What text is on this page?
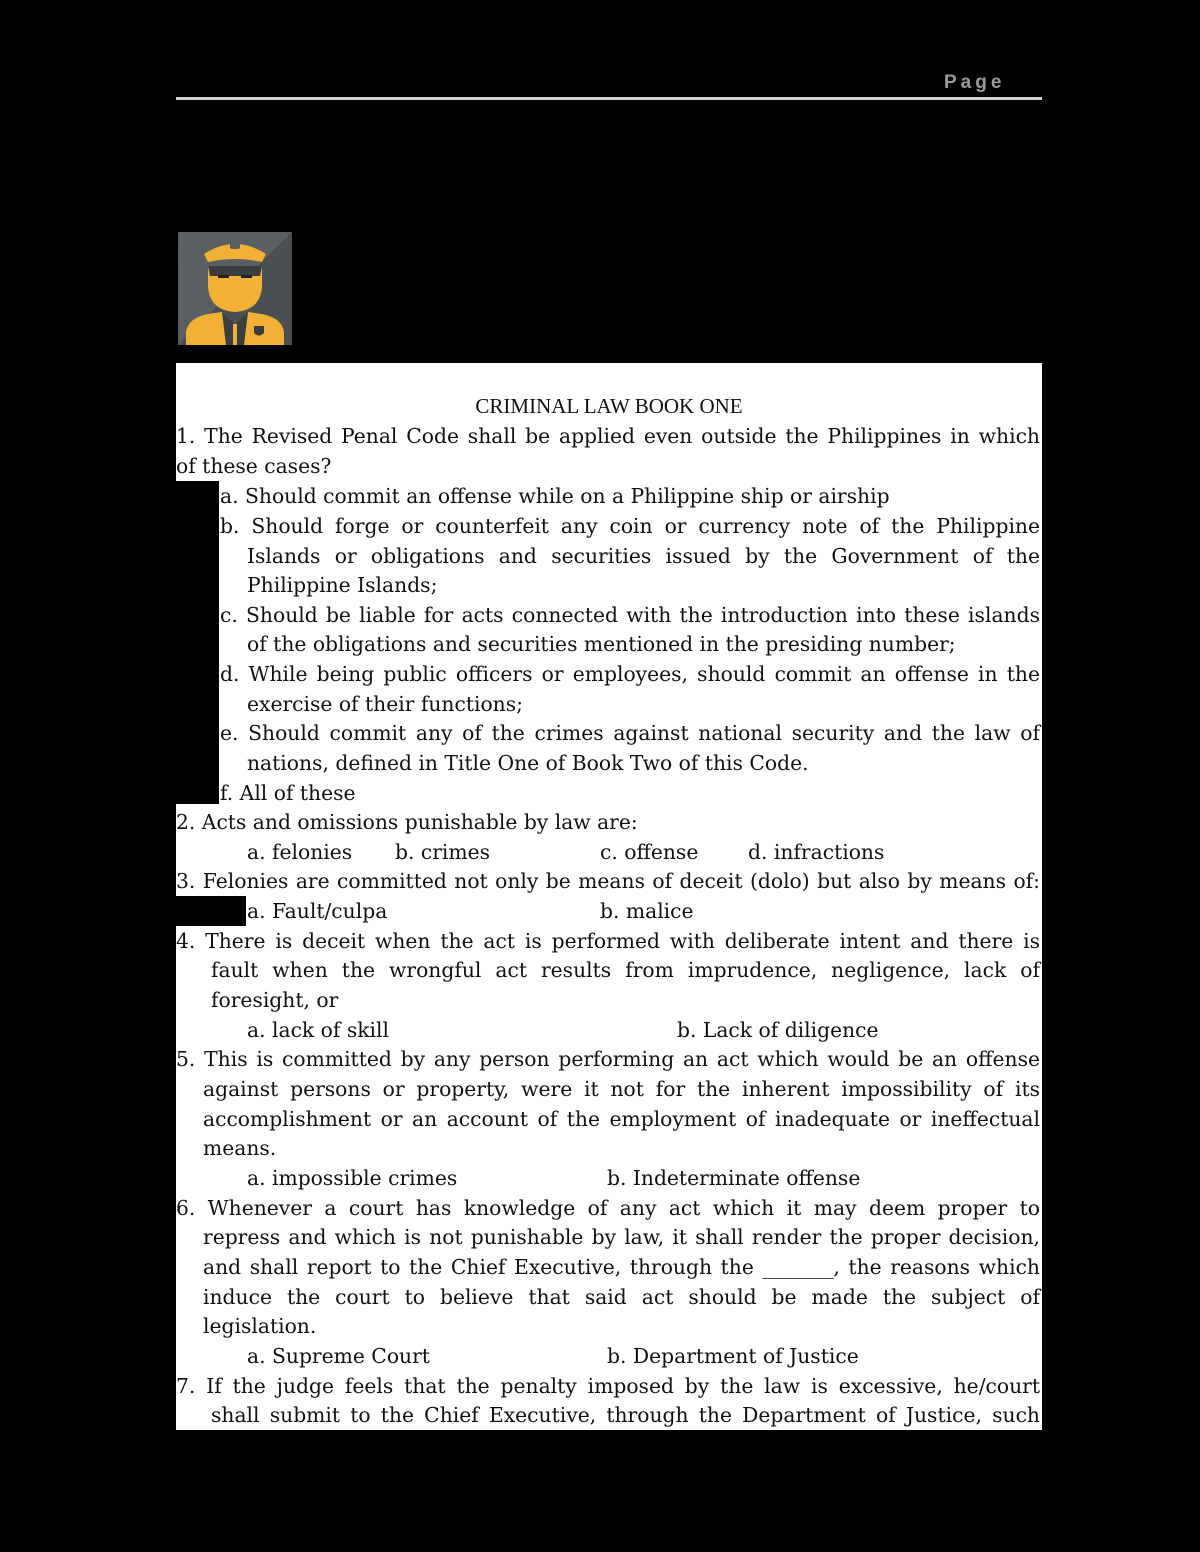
Page
CRIMINAL LAW BOOK ONE
1. The Revised Penal Code shall be applied even outside the Philippines in which
of these cases?
a. Should commit an offense while on a Philippine ship or airship
b. Should forge or counterfeit any coin or currency note of the Philippine
Islands or obligations and securities issued by the Government of the
Philippine Islands;
c. Should be liable for acts connected with the introduction into these islands
of the obligations and securities mentioned in the presiding number;
d. While being public officers or employees, should commit an offense in the
exercise of their functions;
e. Should commit any of the crimes against national security and the law of
nations, defined in Title One of Book Two of this Code.
f. All of these
2. Acts and omissions punishable by law are:
a. felonies b. crimes	c. offense d. infractions
3. Felonies are committed not only be means of deceit (dolo) but also by means of:
a. Fault/culpa	b. malice
4. There is deceit when the act is performed with deliberate intent and there is
fault when the wrongful act results from imprudence, negligence, lack of
foresight, or
a. lack of skill	b. Lack of diligence
5. This is committed by any person performing an act which would be an offense
against persons or property, were it not for the inherent impossibility of its
accomplishment or an account of the employment of inadequate or ineffectual
means.
a. impossible crimes	b. Indeterminate offense
6. Whenever a court has knowledge of any act which it may deem proper to
repress and which is not punishable by law, it shall render the proper decision,
and shall report to the Chief Executive, through the _______, the reasons which
induce the court to believe that said act should be made the subject of
legislation.
a. Supreme Court	b. Department of Justice
7. If the judge feels that the penalty imposed by the law is excessive, he/court
shall submit to the Chief Executive, through the Department of Justice, such
